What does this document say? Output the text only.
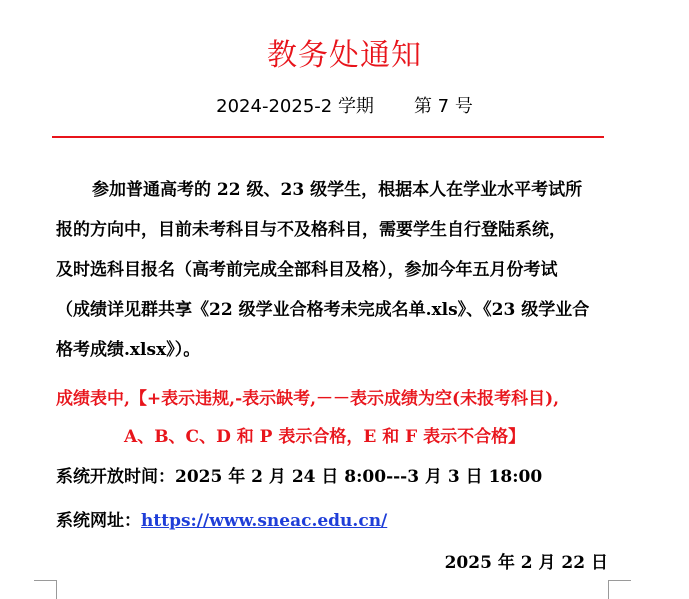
教务处通知
2024-2025-2 学期 第 7 号
参加普通高考的 22 级、23 级学生，根据本人在学业水平考试所
报的方向中，目前未考科目与不及格科目，需要学生自行登陆系统，
及时选科目报名（高考前完成全部科目及格），参加今年五月份考试
（成绩详见群共享《22 级学业合格考未完成名单.xls》、《23 级学业合
格考成绩.xlsx》）。
成绩表中,【+表示违规,-表示缺考,－－表示成绩为空(未报考科目),
A、B、C、D 和 P 表示合格，E 和 F 表示不合格】
系统开放时间：2025 年 2 月 24 日 8:00---3 月 3 日 18:00
系统网址：https://www.sneac.edu.cn/
2025 年 2 月 22 日
